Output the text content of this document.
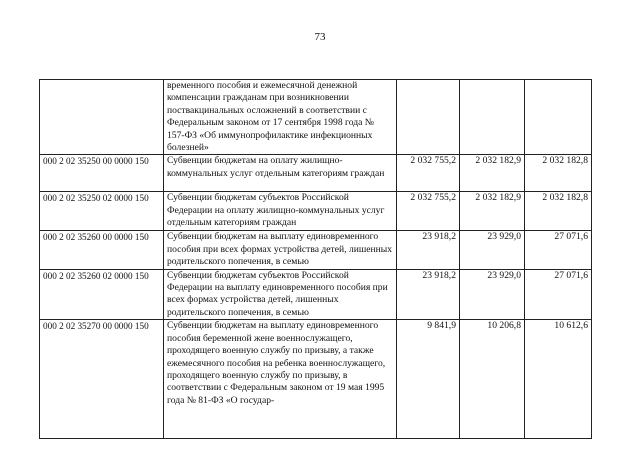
73
	временного пособия и ежемесячной денежной компенсации гражданам при возникновении поствакцинальных осложнений в соответствии с Федеральным законом от 17 сентября 1998 года № 157-ФЗ «Об иммунопрофилактике инфекционных болезней»			
000 2 02 35250 00 0000 150	Субвенции бюджетам на оплату жилищно-коммунальных услуг отдельным категориям граждан	2 032 755,2	2 032 182,9	2 032 182,8
000 2 02 35250 02 0000 150	Субвенции бюджетам субъектов Российской Федерации на оплату жилищно-коммунальных услуг отдельным категориям граждан	2 032 755,2	2 032 182,9	2 032 182,8
000 2 02 35260 00 0000 150	Субвенции бюджетам на выплату единовременного пособия при всех формах устройства детей, лишенных родительского попечения, в семью	23 918,2	23 929,0	27 071,6
000 2 02 35260 02 0000 150	Субвенции бюджетам субъектов Российской Федерации на выплату единовременного пособия при всех формах устройства детей, лишенных родительского попечения, в семью	23 918,2	23 929,0	27 071,6
000 2 02 35270 00 0000 150	Субвенции бюджетам на выплату единовременного пособия беременной жене военнослужащего, проходящего военную службу по призыву, а также ежемесячного пособия на ребенка военнослужащего, проходящего военную службу по призыву, в соответствии с Федеральным законом от 19 мая 1995 года № 81-ФЗ «О государ-	9 841,9	10 206,8	10 612,6
